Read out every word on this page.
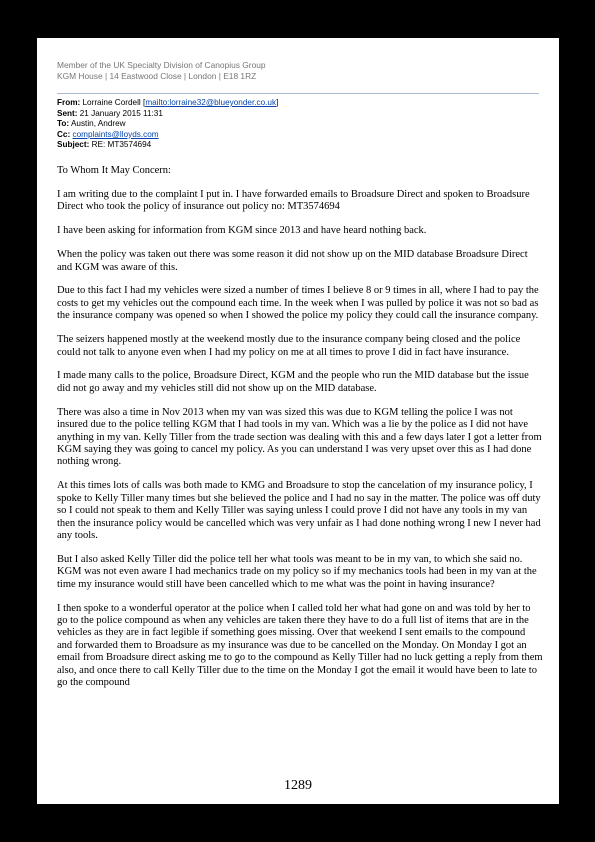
Member of the UK Specialty Division of Canopius Group
KGM House | 14 Eastwood Close | London | E18 1RZ
From: Lorraine Cordell [mailto:lorraine32@blueyonder.co.uk]
Sent: 21 January 2015 11:31
To: Austin, Andrew
Cc: complaints@lloyds.com
Subject: RE: MT3574694

To Whom It May Concern:

I am writing due to the complaint I put in. I have forwarded emails to Broadsure Direct and spoken to Broadsure Direct who took the policy of insurance out policy no: MT3574694

I have been asking for information from KGM since 2013 and have heard nothing back.

When the policy was taken out there was some reason it did not show up on the MID database Broadsure Direct and KGM was aware of this.

Due to this fact I had my vehicles were sized a number of times I believe 8 or 9 times in all, where I had to pay the costs to get my vehicles out the compound each time. In the week when I was pulled by police it was not so bad as the insurance company was opened so when I showed the police my policy they could call the insurance company.

The seizers happened mostly at the weekend mostly due to the insurance company being closed and the police could not talk to anyone even when I had my policy on me at all times to prove I did in fact have insurance.

I made many calls to the police, Broadsure Direct, KGM and the people who run the MID database but the issue did not go away and my vehicles still did not show up on the MID database.

There was also a time in Nov 2013 when my van was sized this was due to KGM telling the police I was not insured due to the police telling KGM that I had tools in my van. Which was a lie by the police as I did not have anything in my van. Kelly Tiller from the trade section was dealing with this and a few days later I got a letter from KGM saying they was going to cancel my policy. As you can understand I was very upset over this as I had done nothing wrong.

At this times lots of calls was both made to KMG and Broadsure to stop the cancelation of my insurance policy, I spoke to Kelly Tiller many times but she believed the police and I had no say in the matter. The police was off duty so I could not speak to them and Kelly Tiller was saying unless I could prove I did not have any tools in my van then the insurance policy would be cancelled which was very unfair as I had done nothing wrong I new I never had any tools.

But I also asked Kelly Tiller did the police tell her what tools was meant to be in my van, to which she said no. KGM was not even aware I had mechanics trade on my policy so if my mechanics tools had been in my van at the time my insurance would still have been cancelled which to me what was the point in having insurance?

I then spoke to a wonderful operator at the police when I called told her what had gone on and was told by her to go to the police compound as when any vehicles are taken there they have to do a full list of items that are in the vehicles as they are in fact legible if something goes missing. Over that weekend I sent emails to the compound and forwarded them to Broadsure as my insurance was due to be cancelled on the Monday. On Monday I got an email from Broadsure direct asking me to go to the compound as Kelly Tiller had no luck getting a reply from them also, and once there to call Kelly Tiller due to the time on the Monday I got the email it would have been to late to go the compound

1289
